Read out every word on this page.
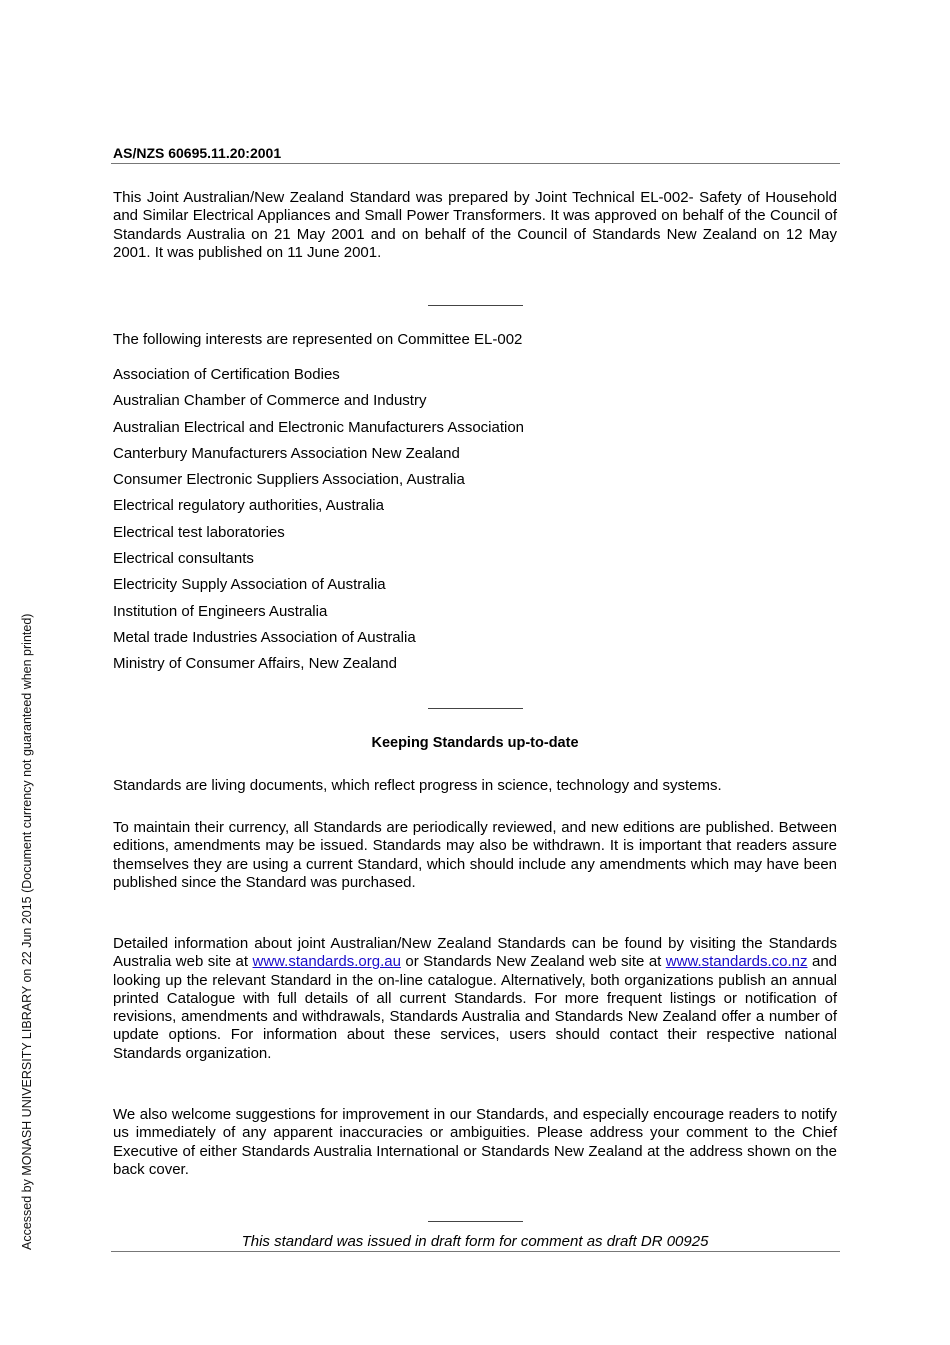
Accessed by MONASH UNIVERSITY LIBRARY on 22 Jun 2015 (Document currency not guaranteed when printed)
AS/NZS 60695.11.20:2001
This Joint Australian/New Zealand Standard was prepared by Joint Technical EL-002- Safety of Household and Similar Electrical Appliances and Small Power Transformers. It was approved on behalf of the Council of Standards Australia on 21 May 2001 and on behalf of the Council of Standards New Zealand on 12 May 2001. It was published on 11 June 2001.
The following interests are represented on Committee EL-002
Association of Certification Bodies
Australian Chamber of Commerce and Industry
Australian Electrical and Electronic Manufacturers Association
Canterbury Manufacturers Association New Zealand
Consumer Electronic Suppliers Association, Australia
Electrical regulatory authorities, Australia
Electrical test laboratories
Electrical consultants
Electricity Supply Association of Australia
Institution of Engineers Australia
Metal trade Industries Association of Australia
Ministry of Consumer Affairs, New Zealand
Keeping Standards up-to-date
Standards are living documents, which reflect progress in science, technology and systems.
To maintain their currency, all Standards are periodically reviewed, and new editions are published. Between editions, amendments may be issued. Standards may also be withdrawn. It is important that readers assure themselves they are using a current Standard, which should include any amendments which may have been published since the Standard was purchased.
Detailed information about joint Australian/New Zealand Standards can be found by visiting the Standards Australia web site at www.standards.org.au or Standards New Zealand web site at www.standards.co.nz and looking up the relevant Standard in the on-line catalogue. Alternatively, both organizations publish an annual printed Catalogue with full details of all current Standards. For more frequent listings or notification of revisions, amendments and withdrawals, Standards Australia and Standards New Zealand offer a number of update options. For information about these services, users should contact their respective national Standards organization.
We also welcome suggestions for improvement in our Standards, and especially encourage readers to notify us immediately of any apparent inaccuracies or ambiguities. Please address your comment to the Chief Executive of either Standards Australia International or Standards New Zealand at the address shown on the back cover.
This standard was issued in draft form for comment as draft DR 00925
